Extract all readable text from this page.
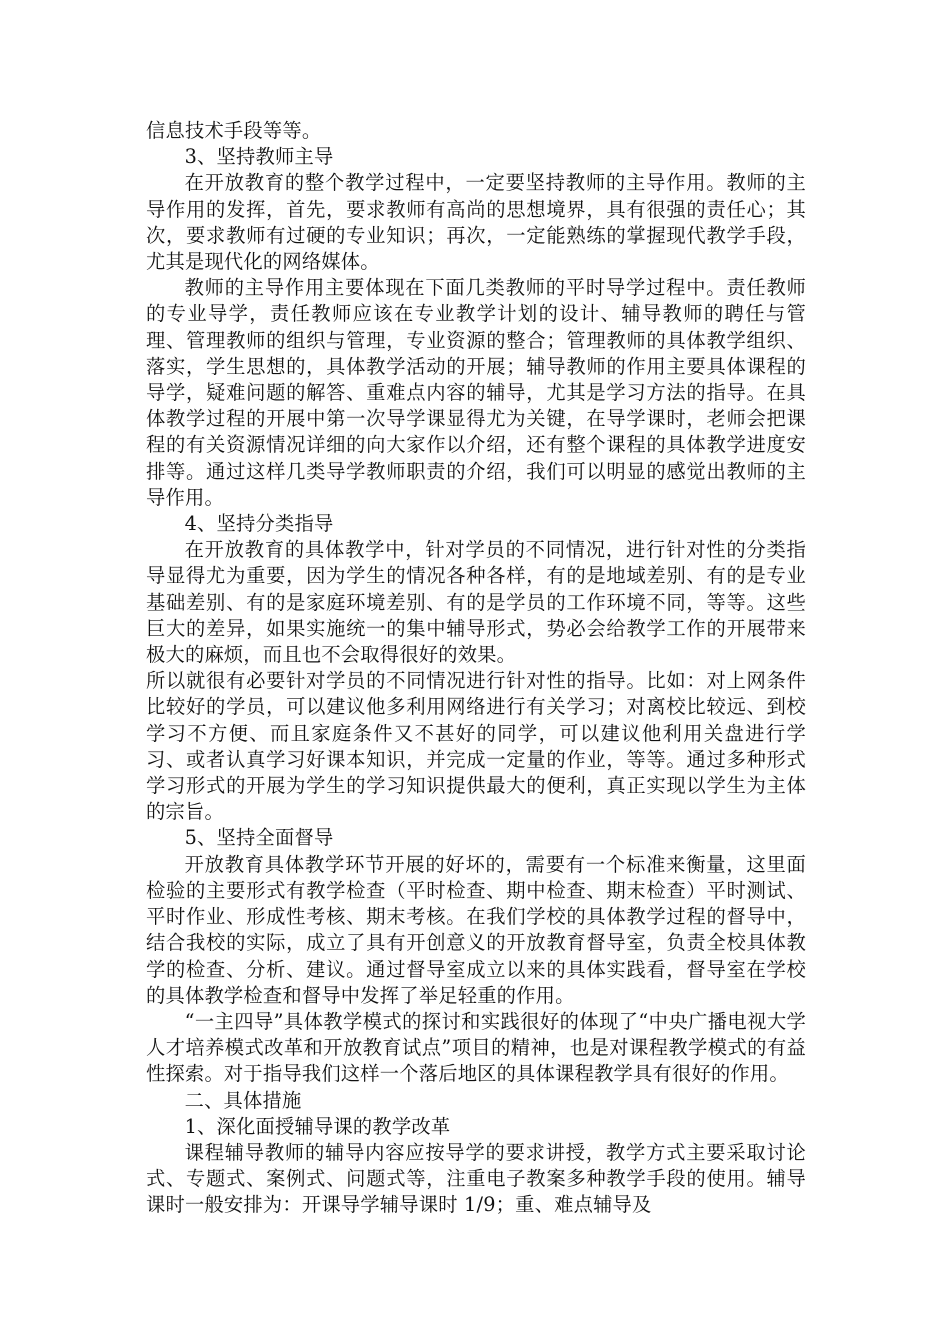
信息技术手段等等。

3、坚持教师主导

在开放教育的整个教学过程中，一定要坚持教师的主导作用。教师的主导作用的发挥，首先，要求教师有高尚的思想境界，具有很强的责任心；其次，要求教师有过硬的专业知识；再次，一定能熟练的掌握现代教学手段，尤其是现代化的网络媒体。

教师的主导作用主要体现在下面几类教师的平时导学过程中。责任教师的专业导学，责任教师应该在专业教学计划的设计、辅导教师的聘任与管理、管理教师的组织与管理，专业资源的整合；管理教师的具体教学组织、落实，学生思想的，具体教学活动的开展；辅导教师的作用主要具体课程的导学，疑难问题的解答、重难点内容的辅导，尤其是学习方法的指导。在具体教学过程的开展中第一次导学课显得尤为关键，在导学课时，老师会把课程的有关资源情况详细的向大家作以介绍，还有整个课程的具体教学进度安排等。通过这样几类导学教师职责的介绍，我们可以明显的感觉出教师的主导作用。

4、坚持分类指导

在开放教育的具体教学中，针对学员的不同情况，进行针对性的分类指导显得尤为重要，因为学生的情况各种各样，有的是地域差别、有的是专业基础差别、有的是家庭环境差别、有的是学员的工作环境不同，等等。这些巨大的差异，如果实施统一的集中辅导形式，势必会给教学工作的开展带来极大的麻烦，而且也不会取得很好的效果。

所以就很有必要针对学员的不同情况进行针对性的指导。比如：对上网条件比较好的学员，可以建议他多利用网络进行有关学习；对离校比较远、到校学习不方便、而且家庭条件又不甚好的同学，可以建议他利用关盘进行学习、或者认真学习好课本知识，并完成一定量的作业，等等。通过多种形式学习形式的开展为学生的学习知识提供最大的便利，真正实现以学生为主体的宗旨。

5、坚持全面督导

开放教育具体教学环节开展的好坏的，需要有一个标准来衡量，这里面检验的主要形式有教学检查（平时检查、期中检查、期末检查）平时测试、平时作业、形成性考核、期末考核。在我们学校的具体教学过程的督导中，结合我校的实际，成立了具有开创意义的开放教育督导室，负责全校具体教学的检查、分析、建议。通过督导室成立以来的具体实践看，督导室在学校的具体教学检查和督导中发挥了举足轻重的作用。

“一主四导”具体教学模式的探讨和实践很好的体现了“中央广播电视大学人才培养模式改革和开放教育试点”项目的精神，也是对课程教学模式的有益性探索。对于指导我们这样一个落后地区的具体课程教学具有很好的作用。

二、具体措施

1、深化面授辅导课的教学改革

课程辅导教师的辅导内容应按导学的要求讲授，教学方式主要采取讨论式、专题式、案例式、问题式等，注重电子教案多种教学手段的使用。辅导课时一般安排为：开课导学辅导课时 1/9；重、难点辅导及
